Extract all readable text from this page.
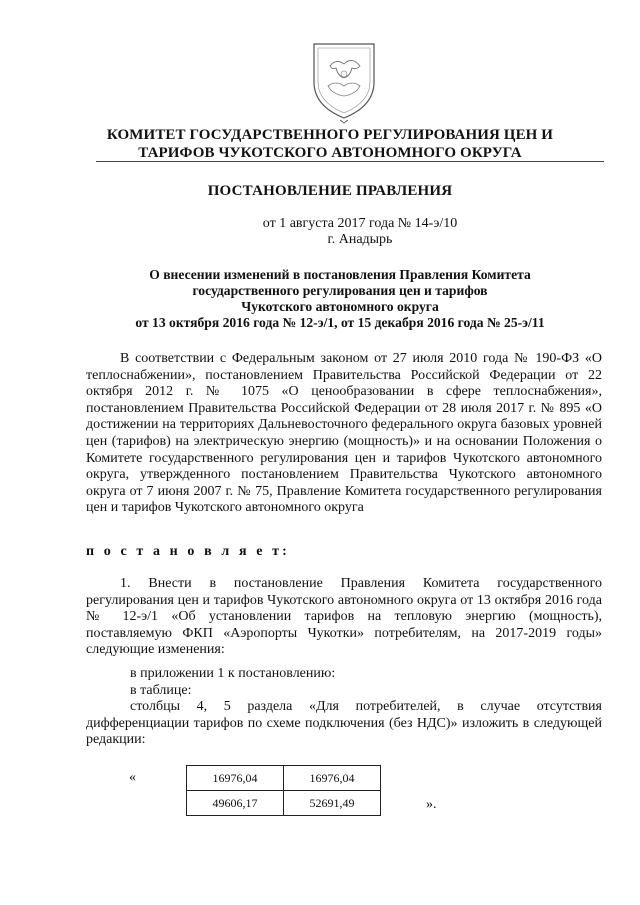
КОМИТЕТ ГОСУДАРСТВЕННОГО РЕГУЛИРОВАНИЯ ЦЕН И
ТАРИФОВ ЧУКОТСКОГО АВТОНОМНОГО ОКРУГА
ПОСТАНОВЛЕНИЕ ПРАВЛЕНИЯ
от 1 августа 2017 года № 14-э/10
г. Анадырь
О внесении изменений в постановления Правления Комитета
государственного регулирования цен и тарифов
Чукотского автономного округа
от 13 октября 2016 года № 12-э/1, от 15 декабря 2016 года № 25-э/11
В соответствии с Федеральным законом от 27 июля 2010 года № 190-ФЗ «О теплоснабжении», постановлением Правительства Российской Федерации от 22 октября 2012 г. № 1075 «О ценообразовании в сфере теплоснабжения», постановлением Правительства Российской Федерации от 28 июля 2017 г. № 895 «О достижении на территориях Дальневосточного федерального округа базовых уровней цен (тарифов) на электрическую энергию (мощность)» и на основании Положения о Комитете государственного регулирования цен и тарифов Чукотского автономного округа, утвержденного постановлением Правительства Чукотского автономного округа от 7 июня 2007 г. № 75, Правление Комитета государственного регулирования цен и тарифов Чукотского автономного округа
п о с т а н о в л я е т:
1. Внести в постановление Правления Комитета государственного регулирования цен и тарифов Чукотского автономного округа от 13 октября 2016 года № 12-э/1 «Об установлении тарифов на тепловую энергию (мощность), поставляемую ФКП «Аэропорты Чукотки» потребителям, на 2017-2019 годы» следующие изменения:
в приложении 1 к постановлению:
в таблице:
столбцы 4, 5 раздела «Для потребителей, в случае отсутствия дифференциации тарифов по схеме подключения (без НДС)» изложить в следующей редакции:
«	16976,04	16976,04
49606,17	52691,49	».
